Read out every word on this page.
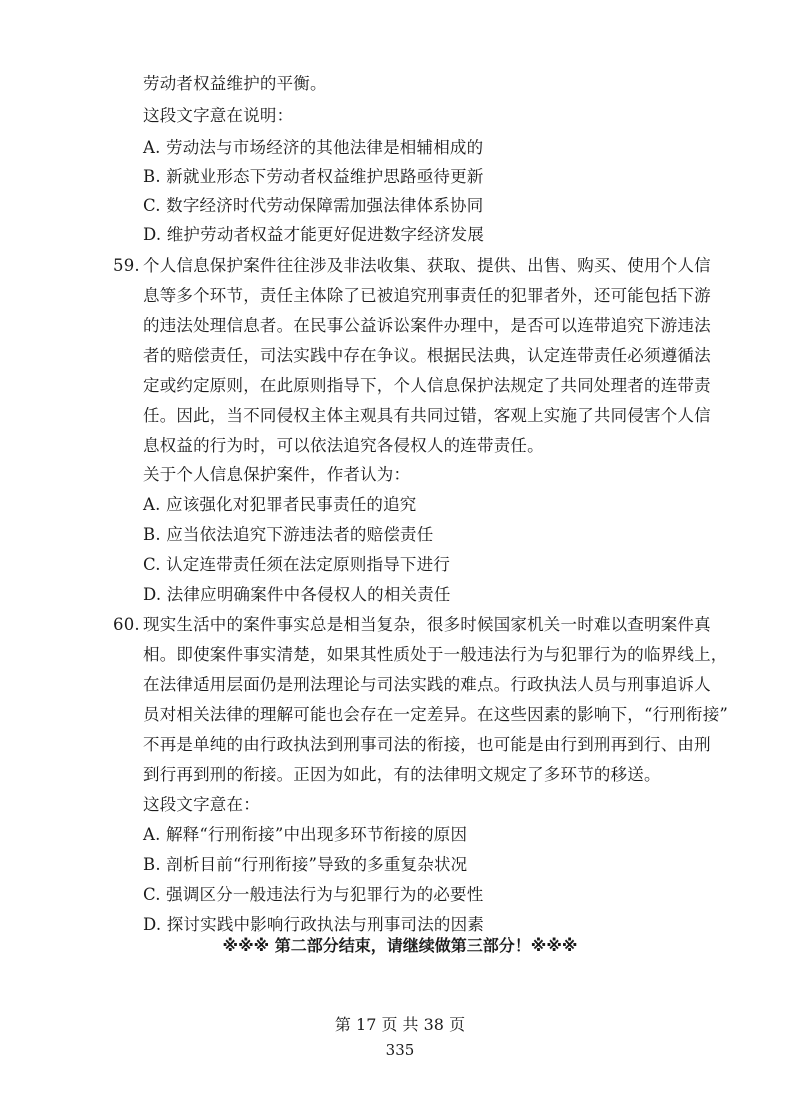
劳动者权益维护的平衡。
这段文字意在说明：
A. 劳动法与市场经济的其他法律是相辅相成的
B. 新就业形态下劳动者权益维护思路亟待更新
C. 数字经济时代劳动保障需加强法律体系协同
D. 维护劳动者权益才能更好促进数字经济发展
59. 个人信息保护案件往往涉及非法收集、获取、提供、出售、购买、使用个人信
息等多个环节，责任主体除了已被追究刑事责任的犯罪者外，还可能包括下游
的违法处理信息者。在民事公益诉讼案件办理中，是否可以连带追究下游违法
者的赔偿责任，司法实践中存在争议。根据民法典，认定连带责任必须遵循法
定或约定原则，在此原则指导下，个人信息保护法规定了共同处理者的连带责
任。因此，当不同侵权主体主观具有共同过错，客观上实施了共同侵害个人信
息权益的行为时，可以依法追究各侵权人的连带责任。
关于个人信息保护案件，作者认为：
A. 应该强化对犯罪者民事责任的追究
B. 应当依法追究下游违法者的赔偿责任
C. 认定连带责任须在法定原则指导下进行
D. 法律应明确案件中各侵权人的相关责任
60. 现实生活中的案件事实总是相当复杂，很多时候国家机关一时难以查明案件真
相。即使案件事实清楚，如果其性质处于一般违法行为与犯罪行为的临界线上，
在法律适用层面仍是刑法理论与司法实践的难点。行政执法人员与刑事追诉人
员对相关法律的理解可能也会存在一定差异。在这些因素的影响下，“行刑衔接”
不再是单纯的由行政执法到刑事司法的衔接，也可能是由行到刑再到行、由刑
到行再到刑的衔接。正因为如此，有的法律明文规定了多环节的移送。
这段文字意在：
A. 解释“行刑衔接”中出现多环节衔接的原因
B. 剖析目前“行刑衔接”导致的多重复杂状况
C. 强调区分一般违法行为与犯罪行为的必要性
D. 探讨实践中影响行政执法与刑事司法的因素
※※※ 第二部分结束，请继续做第三部分！※※※
第 17 页 共 38 页
335
